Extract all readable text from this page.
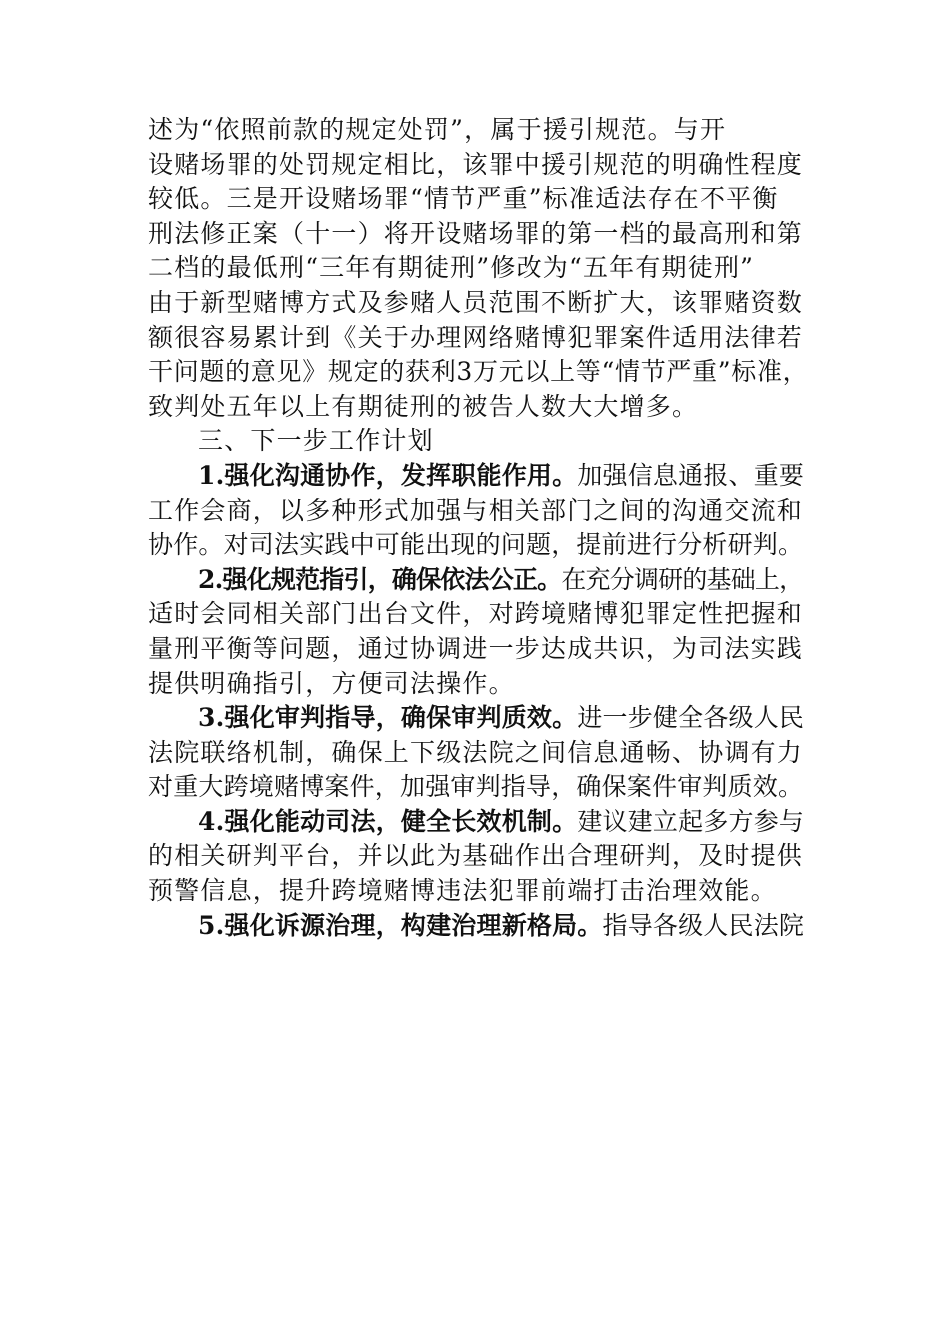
述为“依照前款的规定处罚”，属于援引规范。与开
设赌场罪的处罚规定相比，该罪中援引规范的明确性程度
较低。三是开设赌场罪“情节严重”标准适法存在不平衡
刑法修正案（十一）将开设赌场罪的第一档的最高刑和第
二档的最低刑“三年有期徒刑”修改为“五年有期徒刑”
由于新型赌博方式及参赌人员范围不断扩大，该罪赌资数
额很容易累计到《关于办理网络赌博犯罪案件适用法律若
干问题的意见》规定的获利3万元以上等“情节严重”标准，
致判处五年以上有期徒刑的被告人数大大增多。
三、下一步工作计划
1.强化沟通协作，发挥职能作用。加强信息通报、重要
工作会商，以多种形式加强与相关部门之间的沟通交流和
协作。对司法实践中可能出现的问题，提前进行分析研判。
2.强化规范指引，确保依法公正。在充分调研的基础上，
适时会同相关部门出台文件，对跨境赌博犯罪定性把握和
量刑平衡等问题，通过协调进一步达成共识，为司法实践
提供明确指引，方便司法操作。
3.强化审判指导，确保审判质效。进一步健全各级人民
法院联络机制，确保上下级法院之间信息通畅、协调有力
对重大跨境赌博案件，加强审判指导，确保案件审判质效。
4.强化能动司法，健全长效机制。建议建立起多方参与
的相关研判平台，并以此为基础作出合理研判，及时提供
预警信息，提升跨境赌博违法犯罪前端打击治理效能。
5.强化诉源治理，构建治理新格局。指导各级人民法院
